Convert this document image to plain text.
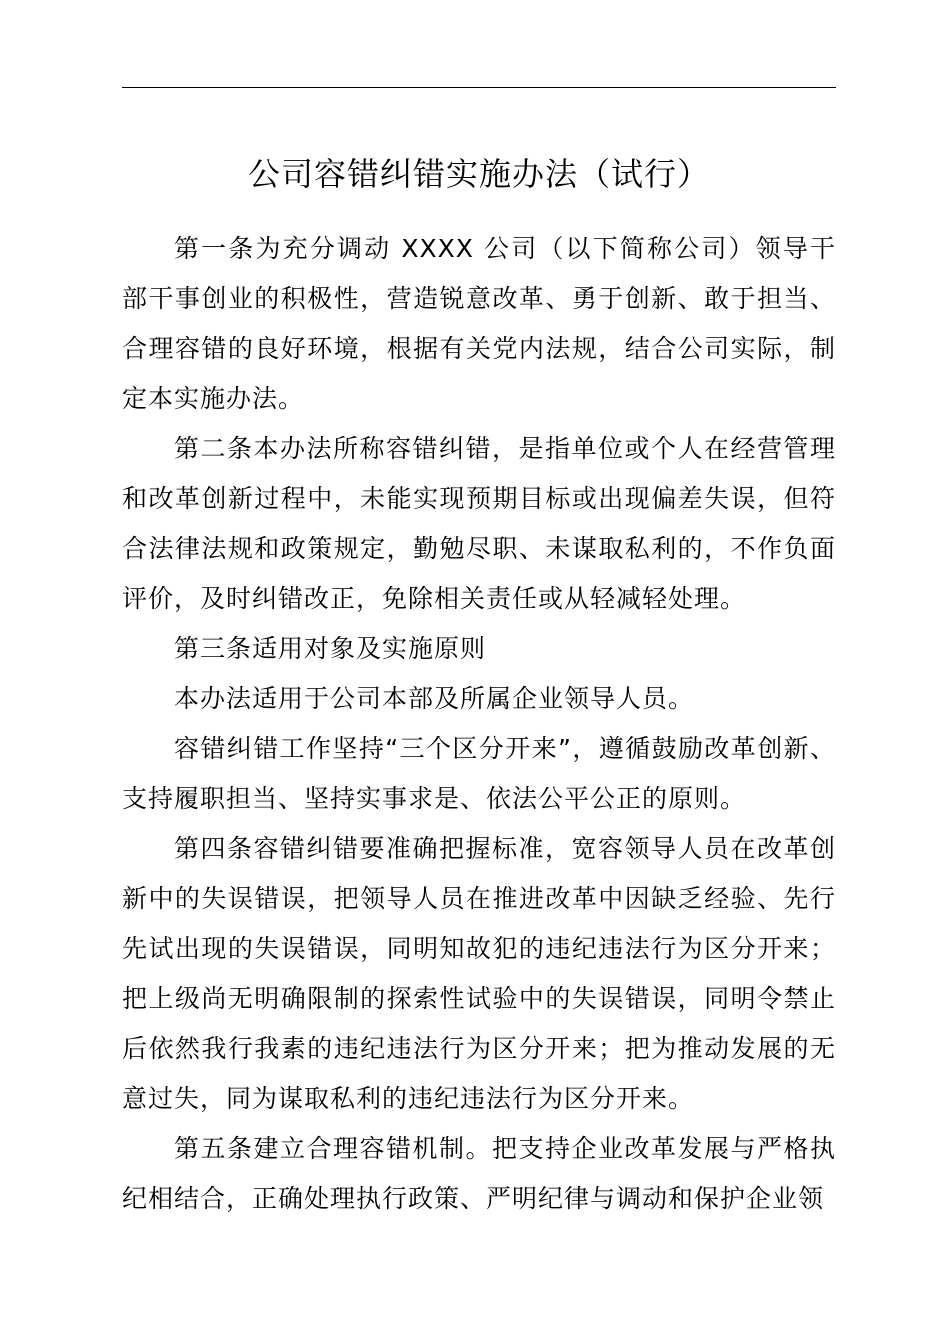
公司容错纠错实施办法（试行）

第一条为充分调动 XXXX 公司（以下简称公司）领导干部干事创业的积极性，营造锐意改革、勇于创新、敢于担当、合理容错的良好环境，根据有关党内法规，结合公司实际，制定本实施办法。

第二条本办法所称容错纠错，是指单位或个人在经营管理和改革创新过程中，未能实现预期目标或出现偏差失误，但符合法律法规和政策规定，勤勉尽职、未谋取私利的，不作负面评价，及时纠错改正，免除相关责任或从轻减轻处理。

第三条适用对象及实施原则

本办法适用于公司本部及所属企业领导人员。

容错纠错工作坚持“三个区分开来”，遵循鼓励改革创新、支持履职担当、坚持实事求是、依法公平公正的原则。

第四条容错纠错要准确把握标准，宽容领导人员在改革创新中的失误错误，把领导人员在推进改革中因缺乏经验、先行先试出现的失误错误，同明知故犯的违纪违法行为区分开来；把上级尚无明确限制的探索性试验中的失误错误，同明令禁止后依然我行我素的违纪违法行为区分开来；把为推动发展的无意过失，同为谋取私利的违纪违法行为区分开来。

第五条建立合理容错机制。把支持企业改革发展与严格执纪相结合，正确处理执行政策、严明纪律与调动和保护企业领
